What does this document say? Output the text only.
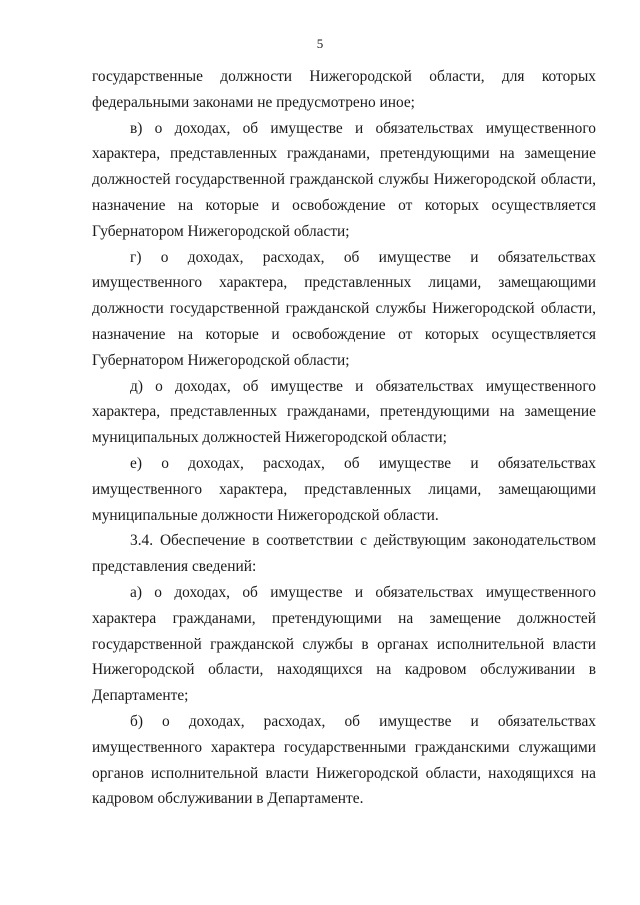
5

государственные должности Нижегородской области, для которых федеральными законами не предусмотрено иное;

в) о доходах, об имуществе и обязательствах имущественного характера, представленных гражданами, претендующими на замещение должностей государственной гражданской службы Нижегородской области, назначение на которые и освобождение от которых осуществляется Губернатором Нижегородской области;

г) о доходах, расходах, об имуществе и обязательствах имущественного характера, представленных лицами, замещающими должности государственной гражданской службы Нижегородской области, назначение на которые и освобождение от которых осуществляется Губернатором Нижегородской области;

д) о доходах, об имуществе и обязательствах имущественного характера, представленных гражданами, претендующими на замещение муниципальных должностей Нижегородской области;

е) о доходах, расходах, об имуществе и обязательствах имущественного характера, представленных лицами, замещающими муниципальные должности Нижегородской области.

3.4. Обеспечение в соответствии с действующим законодательством представления сведений:

а) о доходах, об имуществе и обязательствах имущественного характера гражданами, претендующими на замещение должностей государственной гражданской службы в органах исполнительной власти Нижегородской области, находящихся на кадровом обслуживании в Департаменте;

б) о доходах, расходах, об имуществе и обязательствах имущественного характера государственными гражданскими служащими органов исполнительной власти Нижегородской области, находящихся на кадровом обслуживании в Департаменте.
